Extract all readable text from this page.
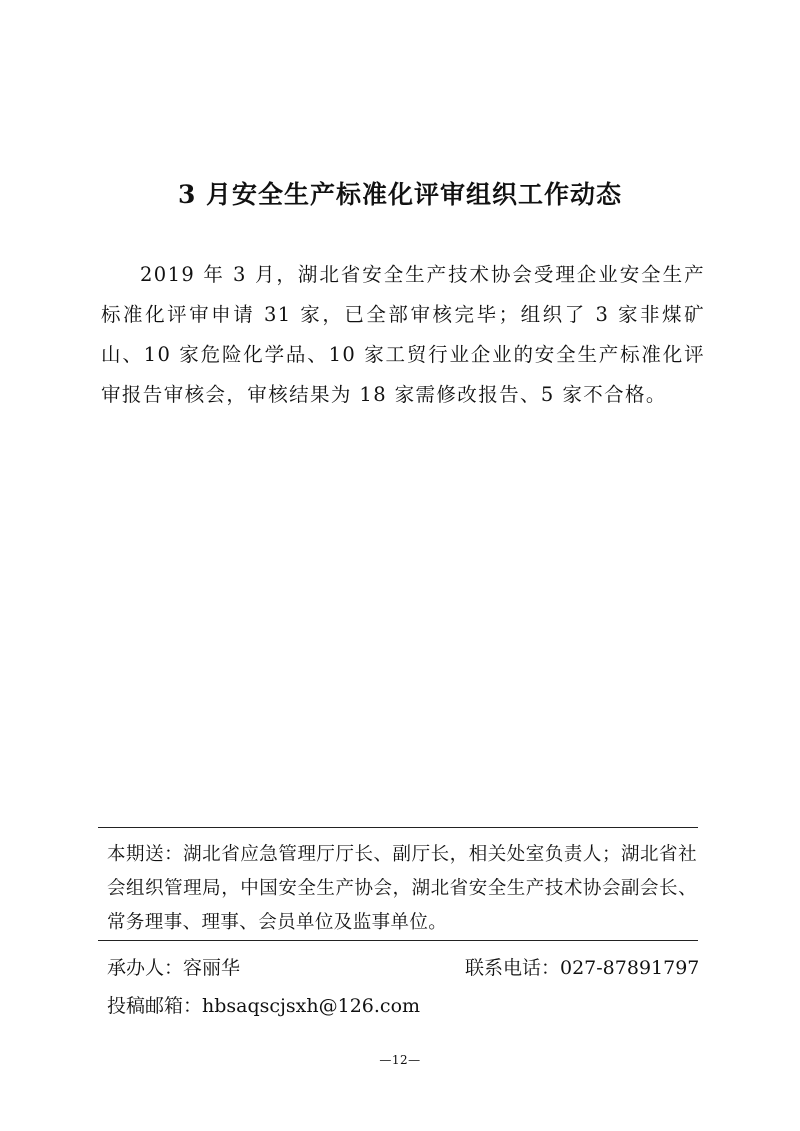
3 月安全生产标准化评审组织工作动态
2019 年 3 月，湖北省安全生产技术协会受理企业安全生产标准化评审申请 31 家，已全部审核完毕；组织了 3 家非煤矿山、10 家危险化学品、10 家工贸行业企业的安全生产标准化评审报告审核会，审核结果为 18 家需修改报告、5 家不合格。
本期送：湖北省应急管理厅厅长、副厅长，相关处室负责人；湖北省社会组织管理局，中国安全生产协会，湖北省安全生产技术协会副会长、常务理事、理事、会员单位及监事单位。
承办人：容丽华	联系电话：027-87891797
投稿邮箱：hbsaqscjsxh@126.com
—12—
